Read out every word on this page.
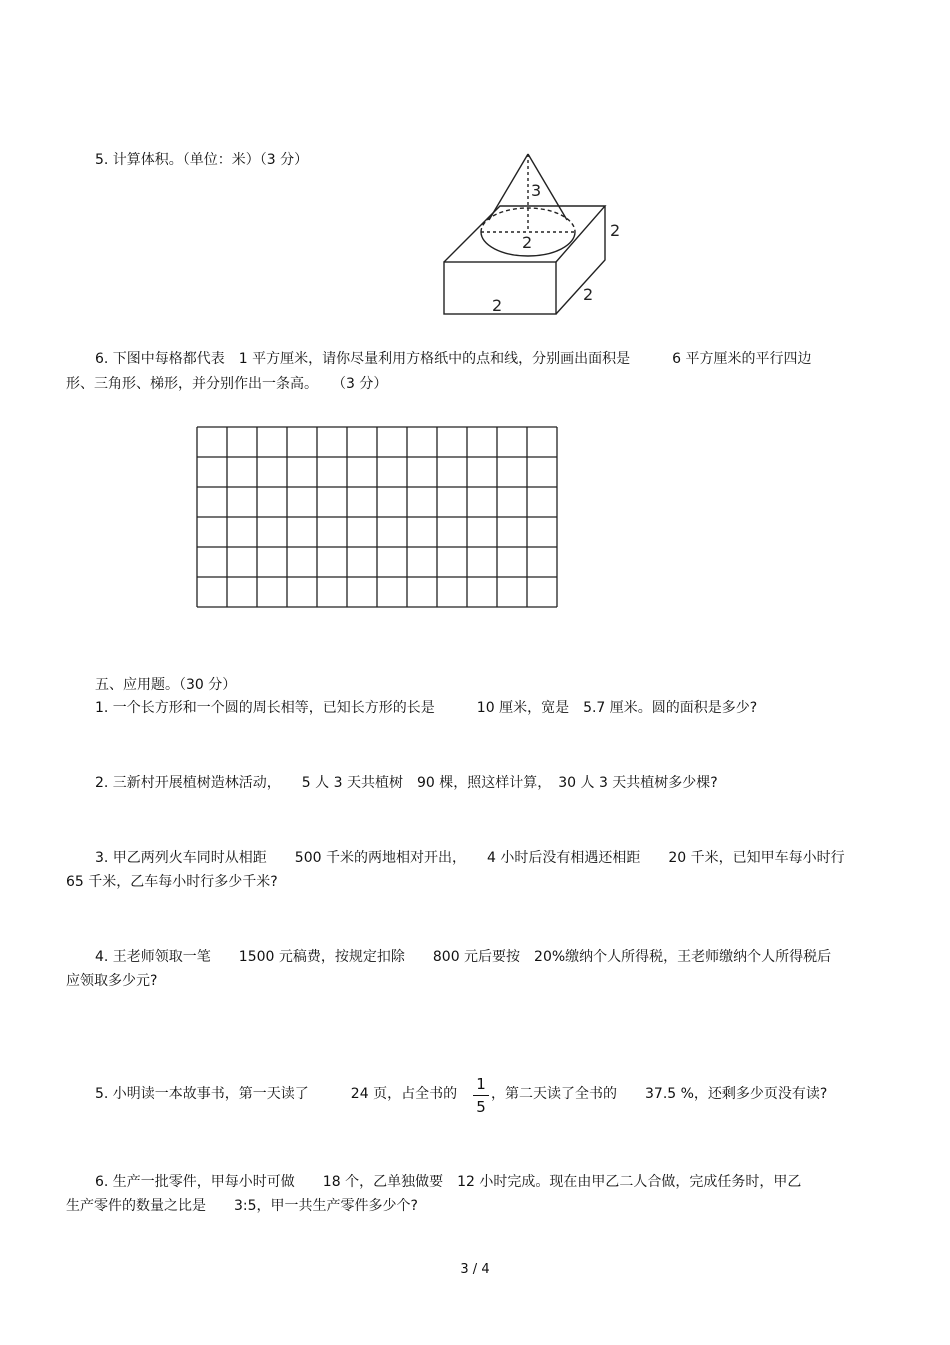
5. 计算体积。（单位：米）（3 分）
3
2
2
2
2
6. 下图中每格都代表　1 平方厘米，请你尽量利用方格纸中的点和线，分别画出面积是　　　6 平方厘米的平行四边
形、三角形、梯形，并分别作出一条高。　　（3 分）
五、应用题。（30 分）
1. 一个长方形和一个圆的周长相等，已知长方形的长是　　　10 厘米，宽是　5.7 厘米。圆的面积是多少?
2. 三新村开展植树造林活动，　　5 人 3 天共植树　90 棵，照这样计算，　30 人 3 天共植树多少棵?
3. 甲乙两列火车同时从相距　　500 千米的两地相对开出，　　4 小时后没有相遇还相距　　20 千米，已知甲车每小时行
65 千米，乙车每小时行多少千米?
4. 王老师领取一笔　　1500 元稿费，按规定扣除　　800 元后要按　20%缴纳个人所得税，王老师缴纳个人所得税后
应领取多少元?
5. 小明读一本故事书，第一天读了　　　24 页，占全书的
1
5
，第二天读了全书的　　37.5 %，还剩多少页没有读?
6. 生产一批零件，甲每小时可做　　18 个，乙单独做要　12 小时完成。现在由甲乙二人合做，完成任务时，甲乙
生产零件的数量之比是　　3:5，甲一共生产零件多少个?
3 / 4
